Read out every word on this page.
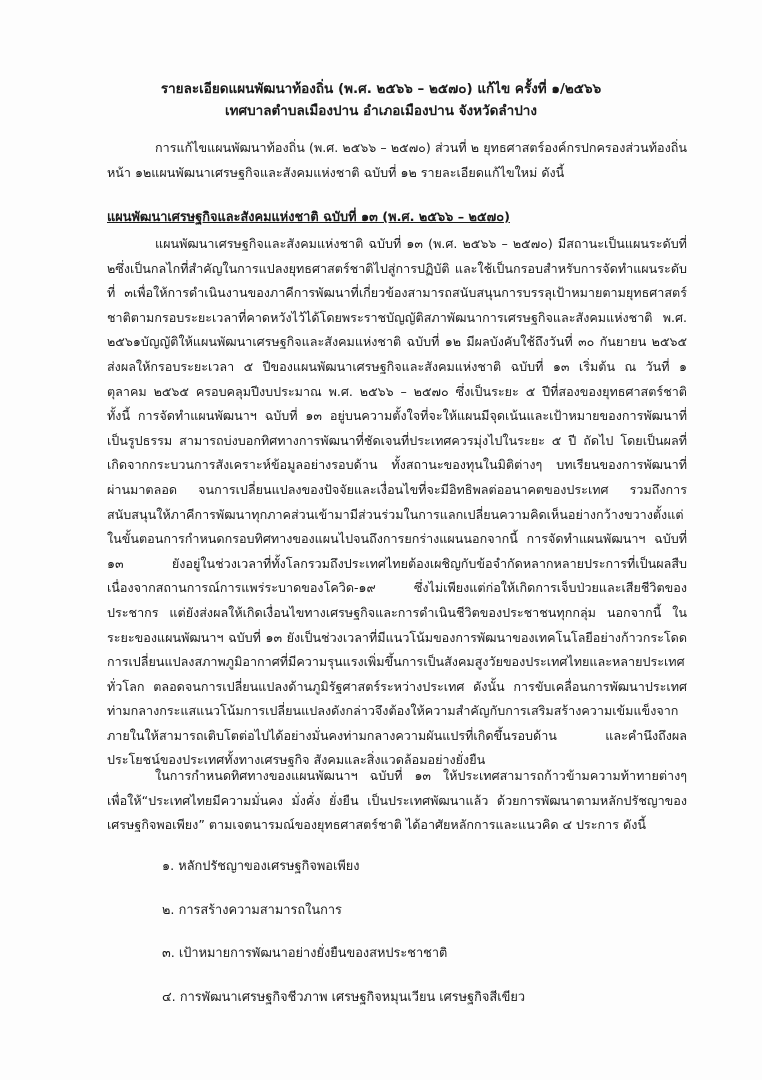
รายละเอียดแผนพัฒนาท้องถิ่น (พ.ศ. ๒๕๖๖ – ๒๕๗๐) แก้ไข ครั้งที่ ๑/๒๕๖๖
เทศบาลตำบลเมืองปาน อำเภอเมืองปาน จังหวัดลำปาง

การแก้ไขแผนพัฒนาท้องถิ่น (พ.ศ. ๒๕๖๖ – ๒๕๗๐) ส่วนที่ ๒ ยุทธศาสตร์องค์กรปกครองส่วนท้องถิ่น หน้า ๑๒แผนพัฒนาเศรษฐกิจและสังคมแห่งชาติ ฉบับที่ ๑๒ รายละเอียดแก้ไขใหม่ ดังนี้

แผนพัฒนาเศรษฐกิจและสังคมแห่งชาติ ฉบับที่ ๑๓ (พ.ศ. ๒๕๖๖ – ๒๕๗๐)

แผนพัฒนาเศรษฐกิจและสังคมแห่งชาติ ฉบับที่ ๑๓ (พ.ศ. ๒๕๖๖ – ๒๕๗๐) มีสถานะเป็นแผนระดับที่ ๒ซึ่งเป็นกลไกที่สำคัญในการแปลงยุทธศาสตร์ชาติไปสู่การปฏิบัติ และใช้เป็นกรอบสำหรับการจัดทำแผนระดับที่ ๓เพื่อให้การดำเนินงานของภาคีการพัฒนาที่เกี่ยวข้องสามารถสนับสนุนการบรรลุเป้าหมายตามยุทธศาสตร์ชาติตามกรอบระยะเวลาที่คาดหวังไว้ได้โดยพระราชบัญญัติสภาพัฒนาการเศรษฐกิจและสังคมแห่งชาติ พ.ศ. ๒๕๖๑บัญญัติให้แผนพัฒนาเศรษฐกิจและสังคมแห่งชาติ ฉบับที่ ๑๒ มีผลบังคับใช้ถึงวันที่ ๓๐ กันยายน ๒๕๖๕ ส่งผลให้กรอบระยะเวลา ๕ ปีของแผนพัฒนาเศรษฐกิจและสังคมแห่งชาติ ฉบับที่ ๑๓ เริ่มต้น ณ วันที่ ๑ ตุลาคม ๒๕๖๕ ครอบคลุมปีงบประมาณ พ.ศ. ๒๕๖๖ – ๒๕๗๐ ซึ่งเป็นระยะ ๕ ปีที่สองของยุทธศาสตร์ชาติ ทั้งนี้ การจัดทำแผนพัฒนาฯ ฉบับที่ ๑๓ อยู่บนความตั้งใจที่จะให้แผนมีจุดเน้นและเป้าหมายของการพัฒนาที่เป็นรูปธรรม สามารถบ่งบอกทิศทางการพัฒนาที่ชัดเจนที่ประเทศควรมุ่งไปในระยะ ๕ ปี ถัดไป โดยเป็นผลที่เกิดจากกระบวนการสังเคราะห์ข้อมูลอย่างรอบด้าน ทั้งสถานะของทุนในมิติต่างๆ บทเรียนของการพัฒนาที่ผ่านมาตลอด จนการเปลี่ยนแปลงของปัจจัยและเงื่อนไขที่จะมีอิทธิพลต่ออนาคตของประเทศ รวมถึงการสนับสนุนให้ภาคีการพัฒนาทุกภาคส่วนเข้ามามีส่วนร่วมในการแลกเปลี่ยนความคิดเห็นอย่างกว้างขวางตั้งแต่ในขั้นตอนการกำหนดกรอบทิศทางของแผนไปจนถึงการยกร่างแผนนอกจากนี้ การจัดทำแผนพัฒนาฯ ฉบับที่ ๑๓ ยังอยู่ในช่วงเวลาที่ทั้งโลกรวมถึงประเทศไทยต้องเผชิญกับข้อจำกัดหลากหลายประการที่เป็นผลสืบเนื่องจากสถานการณ์การแพร่ระบาดของโควิด-๑๙ ซึ่งไม่เพียงแต่ก่อให้เกิดการเจ็บป่วยและเสียชีวิตของประชากร แต่ยังส่งผลให้เกิดเงื่อนไขทางเศรษฐกิจและการดำเนินชีวิตของประชาชนทุกกลุ่ม นอกจากนี้ ในระยะของแผนพัฒนาฯ ฉบับที่ ๑๓ ยังเป็นช่วงเวลาที่มีแนวโน้มของการพัฒนาของเทคโนโลยีอย่างก้าวกระโดด การเปลี่ยนแปลงสภาพภูมิอากาศที่มีความรุนแรงเพิ่มขึ้นการเป็นสังคมสูงวัยของประเทศไทยและหลายประเทศทั่วโลก ตลอดจนการเปลี่ยนแปลงด้านภูมิรัฐศาสตร์ระหว่างประเทศ ดังนั้น การขับเคลื่อนการพัฒนาประเทศท่ามกลางกระแสแนวโน้มการเปลี่ยนแปลงดังกล่าวจึงต้องให้ความสำคัญกับการเสริมสร้างความเข้มแข็งจากภายในให้สามารถเติบโตต่อไปได้อย่างมั่นคงท่ามกลางความผันแปรที่เกิดขึ้นรอบด้าน และคำนึงถึงผลประโยชน์ของประเทศทั้งทางเศรษฐกิจ สังคมและสิ่งแวดล้อมอย่างยั่งยืน

ในการกำหนดทิศทางของแผนพัฒนาฯ ฉบับที่ ๑๓ ให้ประเทศสามารถก้าวข้ามความท้าทายต่างๆ เพื่อให้“ประเทศไทยมีความมั่นคง มั่งคั่ง ยั่งยืน เป็นประเทศพัฒนาแล้ว ด้วยการพัฒนาตามหลักปรัชญาของเศรษฐกิจพอเพียง” ตามเจตนารมณ์ของยุทธศาสตร์ชาติ ได้อาศัยหลักการและแนวคิด ๔ ประการ ดังนี้

๑. หลักปรัชญาของเศรษฐกิจพอเพียง
๒. การสร้างความสามารถในการ
๓. เป้าหมายการพัฒนาอย่างยั่งยืนของสหประชาชาติ
๔. การพัฒนาเศรษฐกิจชีวภาพ เศรษฐกิจหมุนเวียน เศรษฐกิจสีเขียว
